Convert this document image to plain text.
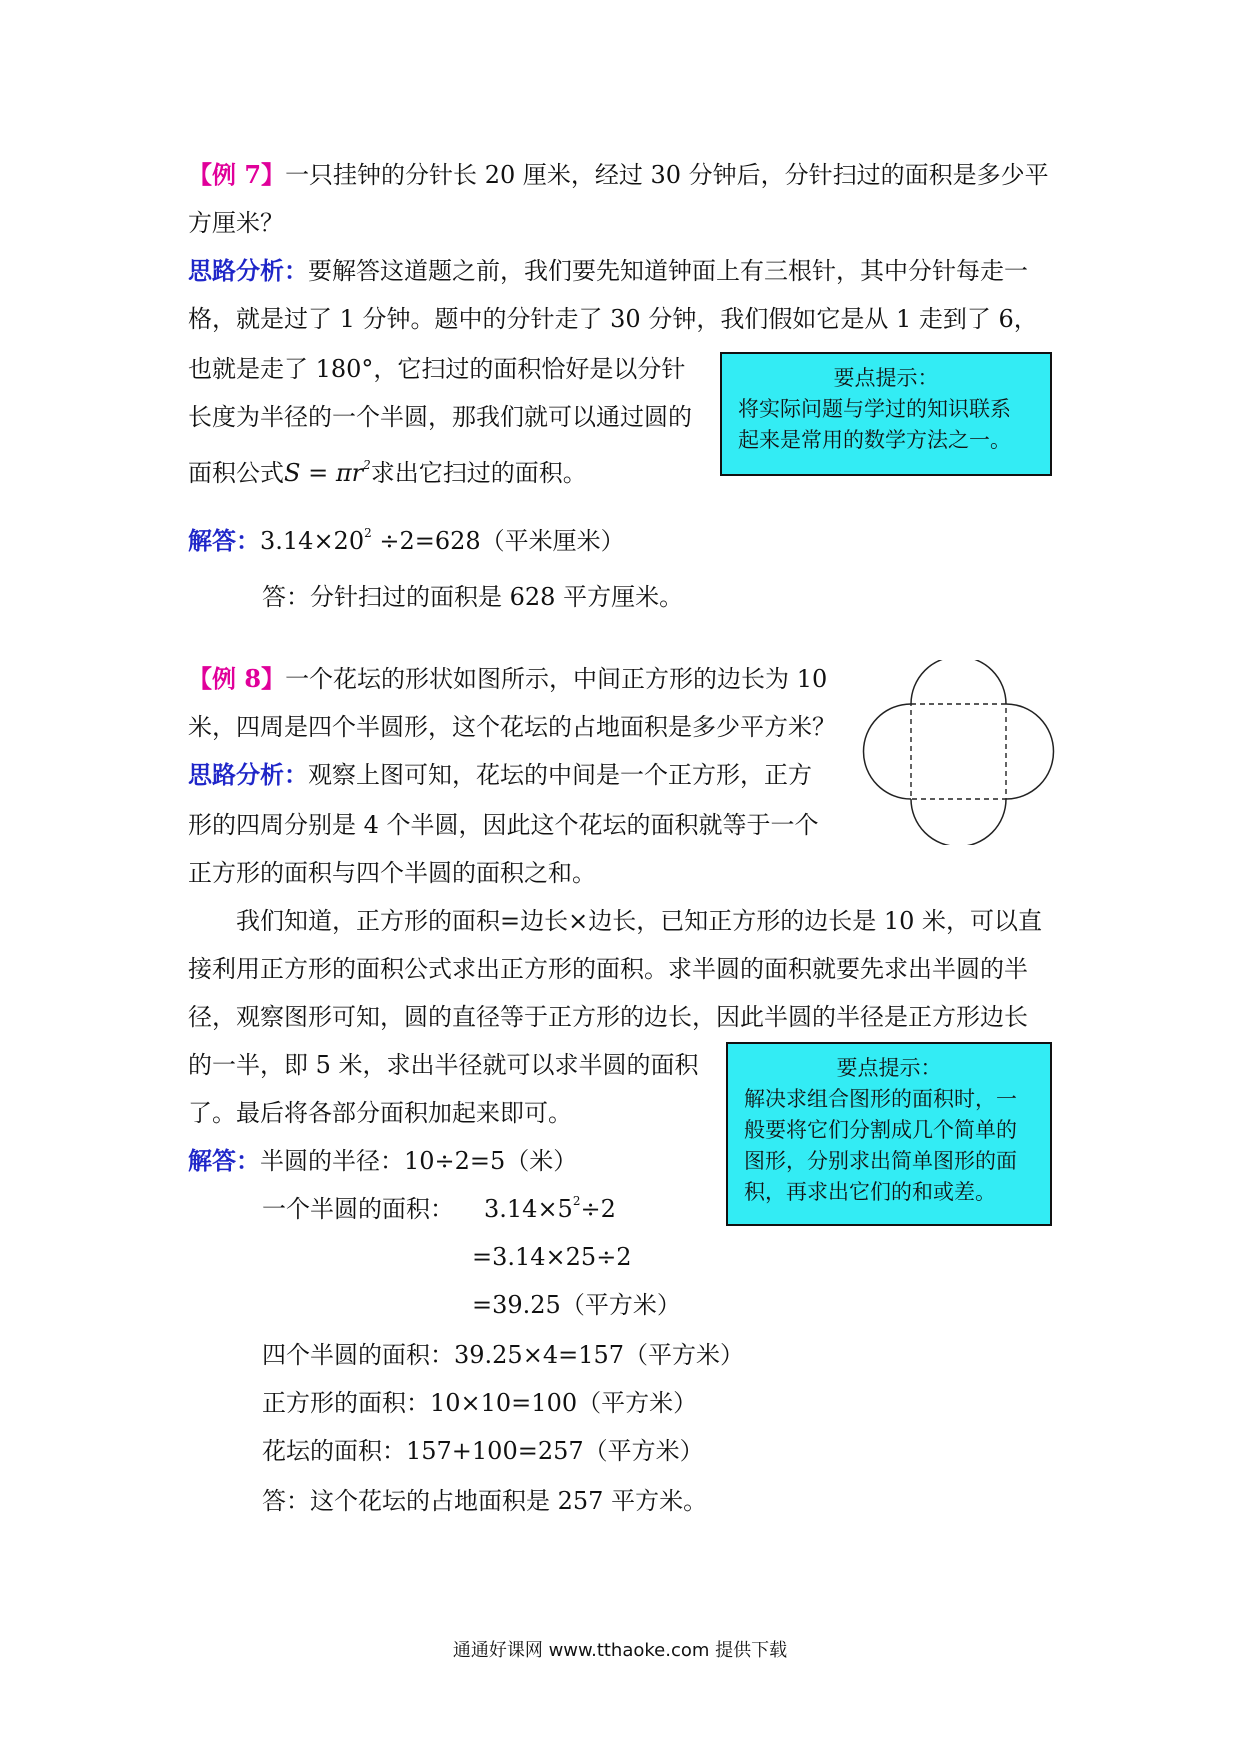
【例 7】一只挂钟的分针长 20 厘米，经过 30 分钟后，分针扫过的面积是多少平
方厘米？
思路分析：要解答这道题之前，我们要先知道钟面上有三根针，其中分针每走一
格，就是过了 1 分钟。题中的分针走了 30 分钟，我们假如它是从 1 走到了 6，
也就是走了 180°，它扫过的面积恰好是以分针
长度为半径的一个半圆，那我们就可以通过圆的
面积公式$S = \pi r^2$求出它扫过的面积。
要点提示：
将实际问题与学过的知识联系
起来是常用的数学方法之一。
解答：$3.14\times 20^2 \div 2=628$（平米厘米）
答：分针扫过的面积是 628 平方厘米。
【例 8】一个花坛的形状如图所示，中间正方形的边长为 10
米，四周是四个半圆形，这个花坛的占地面积是多少平方米？
思路分析：观察上图可知，花坛的中间是一个正方形，正方
形的四周分别是 4 个半圆，因此这个花坛的面积就等于一个
正方形的面积与四个半圆的面积之和。
我们知道，正方形的面积=边长×边长，已知正方形的边长是 10 米，可以直
接利用正方形的面积公式求出正方形的面积。求半圆的面积就要先求出半圆的半
径，观察图形可知，圆的直径等于正方形的边长，因此半圆的半径是正方形边长
的一半，即 5 米，求出半径就可以求半圆的面积
了。最后将各部分面积加起来即可。
要点提示：
解决求组合图形的面积时，一
般要将它们分割成几个简单的
图形，分别求出简单图形的面
积，再求出它们的和或差。
解答：半圆的半径：10÷2=5（米）
一个半圆的面积： $3.14\times 5^2\div 2$
=3.14×25÷2
=39.25（平方米）
四个半圆的面积：39.25×4=157（平方米）
正方形的面积：10×10=100（平方米）
花坛的面积：157+100=257（平方米）
答：这个花坛的占地面积是 257 平方米。
通通好课网 www.tthaoke.com 提供下载
